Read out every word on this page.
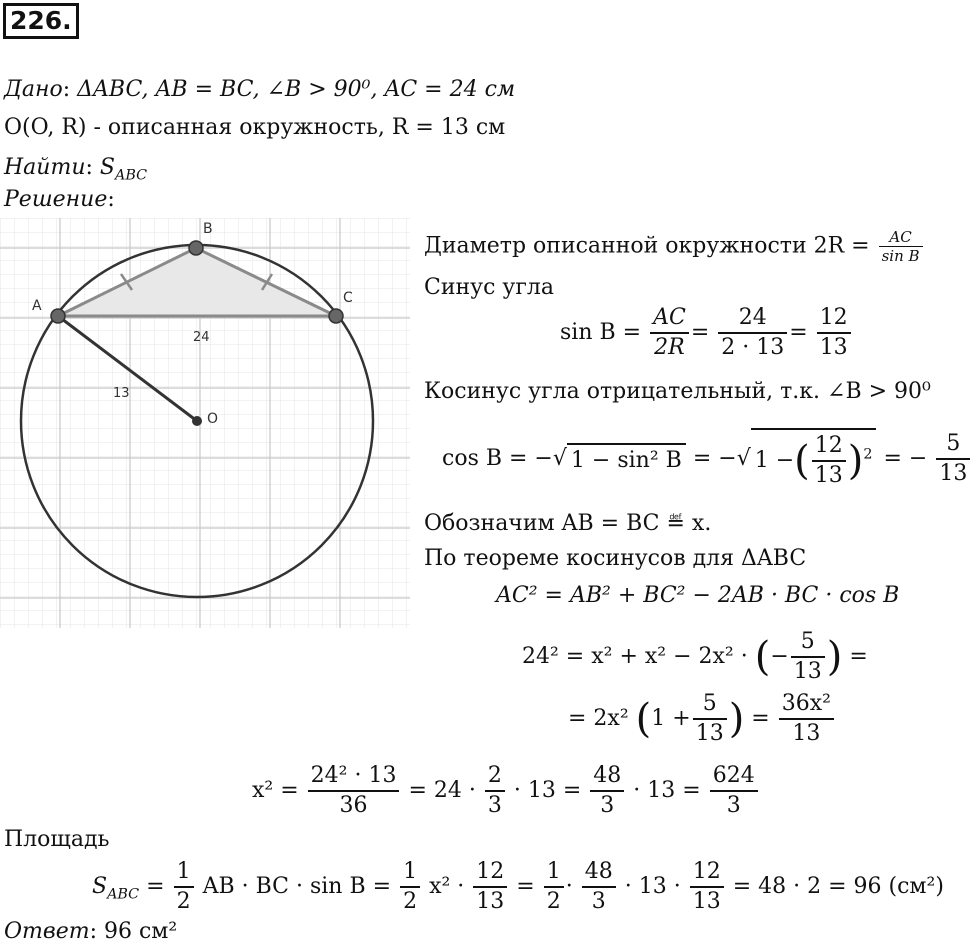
226.
Дано: ΔABC, AB = BC, ∠B > 90⁰, AC = 24 см
O(O, R) - описанная окружность, R = 13 см
Найти: $S_{ABC}$
Решение:
A
B
C
O
24
13
Диаметр описанной окружности $2R = \frac{AC}{\text{sin B}}$
Синус угла
$\sin B = \frac{AC}{2R} = \frac{24}{2 \cdot 13} = \frac{12}{13}$
Косинус угла отрицательный, т.к. ∠B > 90⁰
cos B = −√ 1 − sin² B = −√ 1 −( $\frac{12}{13} )^2$ = − $\frac{5}{13}$
Обозначим AB = BC ≝ x.
По теореме косинусов для ΔABC
AC² = AB² + BC² − 2AB · BC · cos B
24² = x² + x² − 2x² · (− $\frac{5}{13}$ ) =
= 2x² ($1 + \frac{5}{13}$ ) = $\frac{\text{36x²}}{13}$
$x^2 = \frac{\text{24² · 13}}{36} = 24 \cdot \frac{2}{3} \cdot 13 = \frac{48}{3} \cdot 13 = \frac{624}{3}$
Площадь
$S_{ABC} = \frac{1}{2}$ AB · BC · $\sin B = \frac{1}{2} x^2 \cdot \frac{12}{13} = \frac{1}{2} \cdot \frac{48}{3} \cdot 13 \cdot \frac{12}{13} = 48 \cdot 2 = 96$ (см²)
Ответ: 96 см²
